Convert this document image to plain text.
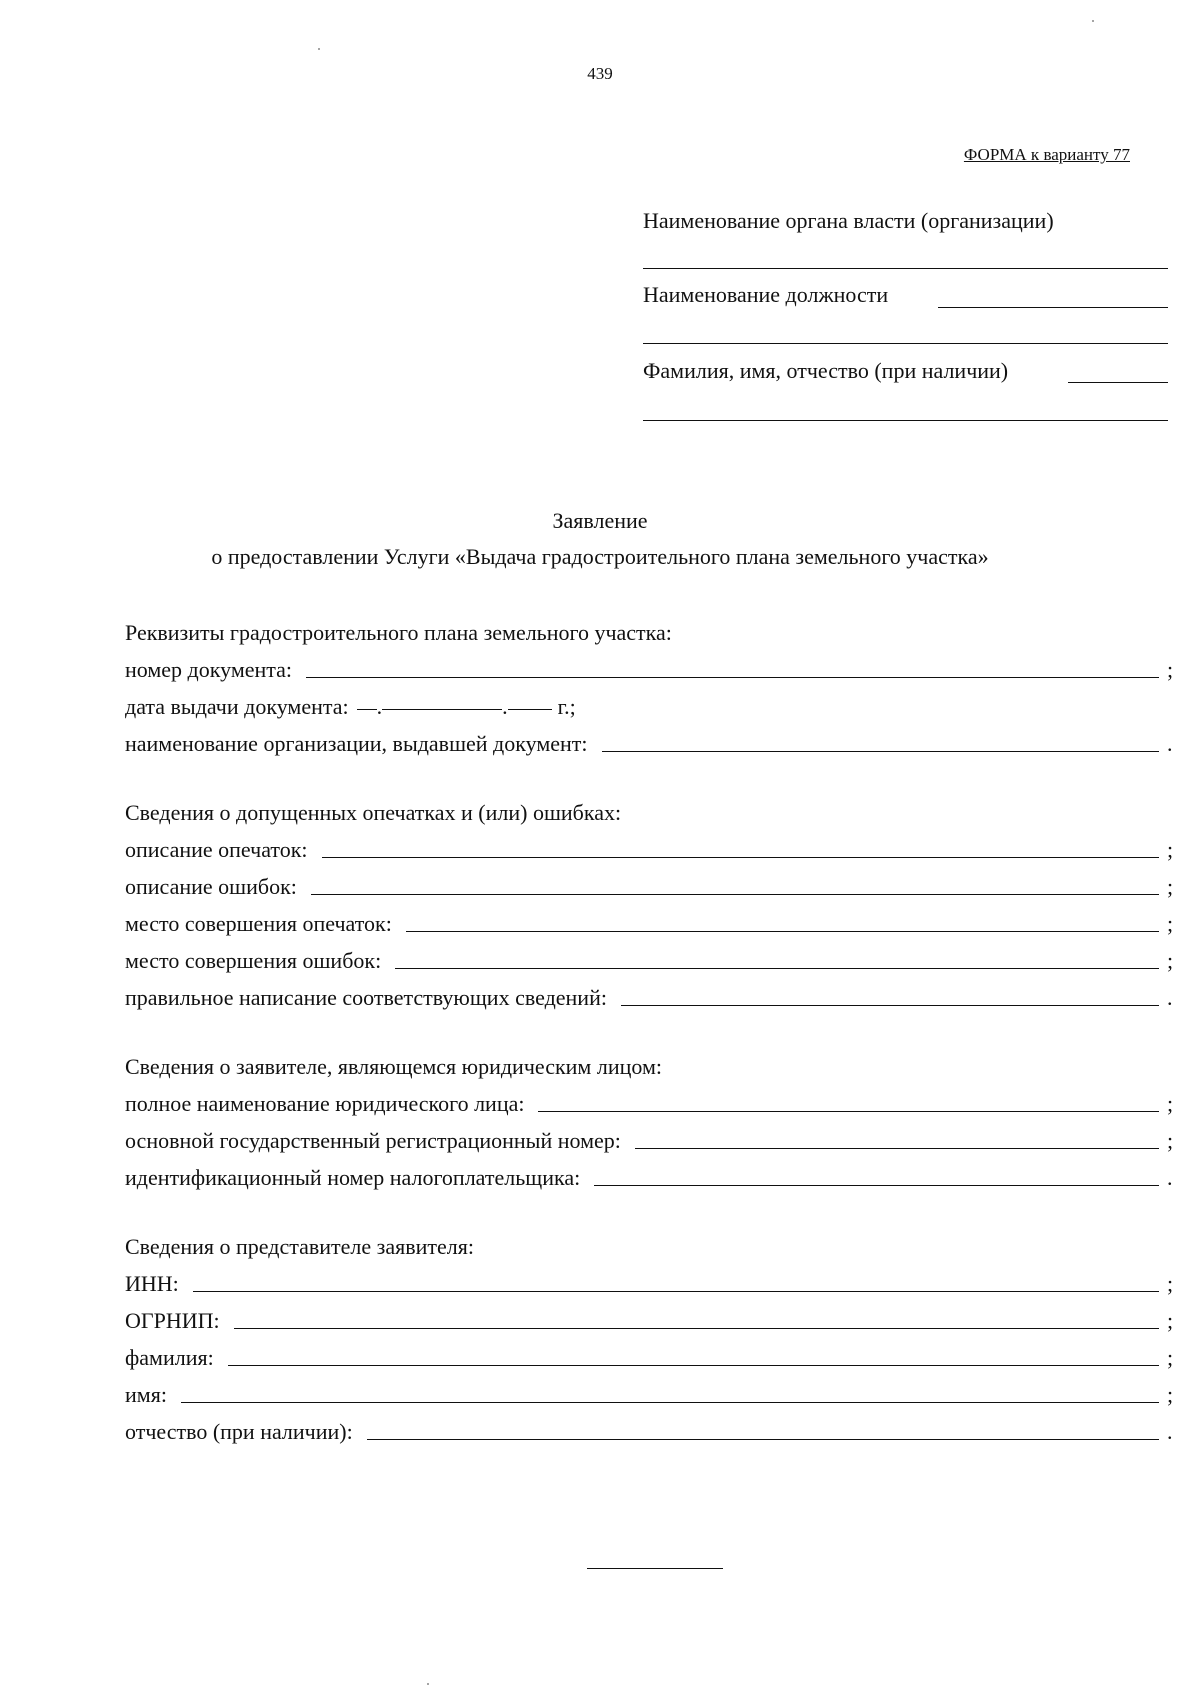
439
ФОРМА к варианту 77
Наименование органа власти (организации)
Наименование должности
Фамилия, имя, отчество (при наличии)
Заявление
о предоставлении Услуги «Выдача градостроительного плана земельного участка»
Реквизиты градостроительного плана земельного участка:
номер документа:	;
дата выдачи документа:	.	.	г.;
наименование организации, выдавшей документ:	.
Сведения о допущенных опечатках и (или) ошибках:
описание опечаток:	;
описание ошибок:	;
место совершения опечаток:	;
место совершения ошибок:	;
правильное написание соответствующих сведений:	.
Сведения о заявителе, являющемся юридическим лицом:
полное наименование юридического лица:	;
основной государственный регистрационный номер:	;
идентификационный номер налогоплательщика:	.
Сведения о представителе заявителя:
ИНН:	;
ОГРНИП:	;
фамилия:	;
имя:	;
отчество (при наличии):	.
